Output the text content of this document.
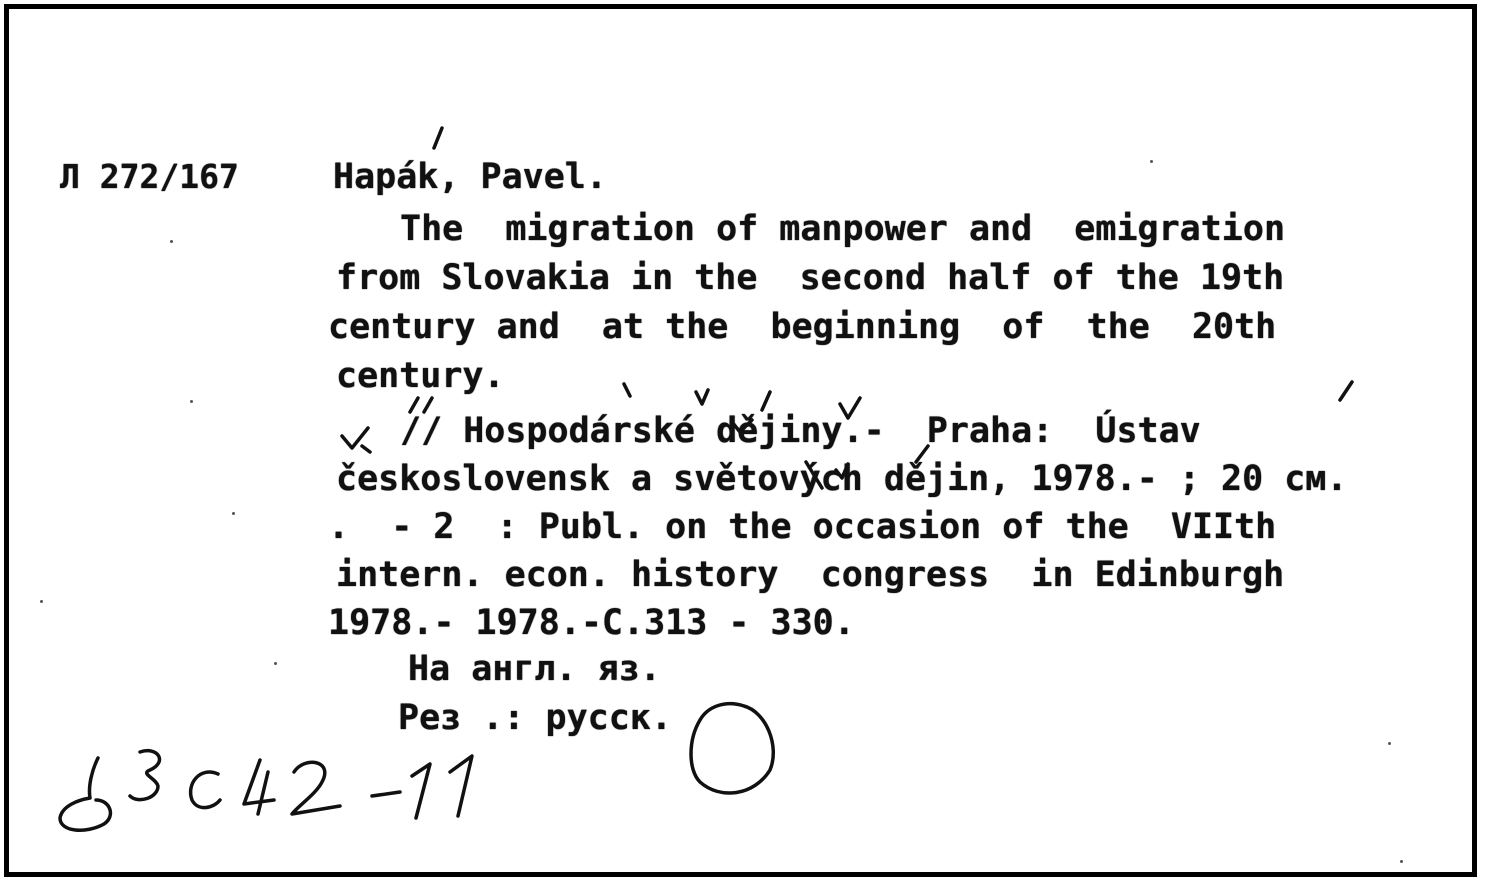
Л 272/167	Hapák, Pavel.
The  migration of manpower and  emigration
from Slovakia in the  second half of the 19th
century and  at the  beginning  of  the  20th
century.
// Hospodárské dějiny.-  Praha:  Ústav
československ a světových dějin, 1978.- ; 20 см.
.  - 2  : Publ. on the occasion of the  VIIth
intern. econ. history  congress  in Edinburgh
1978.- 1978.-С.313 - 330.
На англ. яз.
Рез .: русск.
